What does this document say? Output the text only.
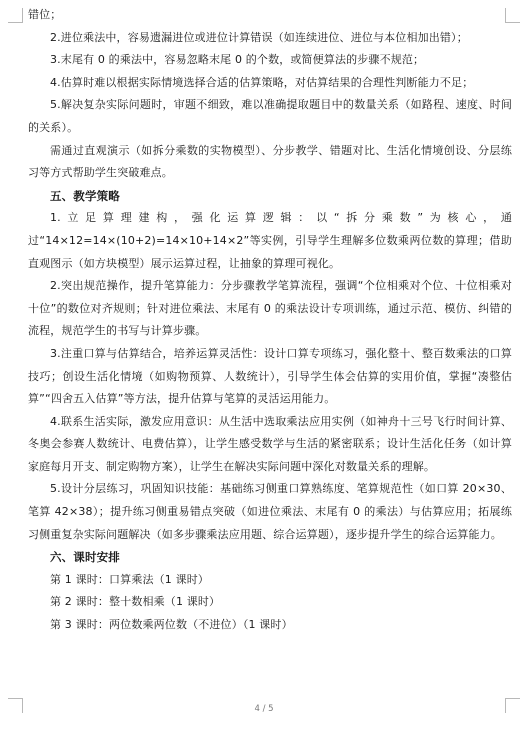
错位；

2.进位乘法中，容易遗漏进位或进位计算错误（如连续进位、进位与本位相加出错）；

3.末尾有 0 的乘法中，容易忽略末尾 0 的个数，或简便算法的步骤不规范；

4.估算时难以根据实际情境选择合适的估算策略，对估算结果的合理性判断能力不足；

5.解决复杂实际问题时，审题不细致，难以准确提取题目中的数量关系（如路程、速度、时间的关系）。

需通过直观演示（如拆分乘数的实物模型）、分步教学、错题对比、生活化情境创设、分层练习等方式帮助学生突破难点。

五、教学策略

1.立足算理建构，强化运算逻辑：以“拆分乘数”为核心，通过“14×12=14×(10+2)=14×10+14×2”等实例，引导学生理解多位数乘两位数的算理；借助直观图示（如方块模型）展示运算过程，让抽象的算理可视化。

2.突出规范操作，提升笔算能力：分步骤教学笔算流程，强调“个位相乘对个位、十位相乘对十位”的数位对齐规则；针对进位乘法、末尾有 0 的乘法设计专项训练，通过示范、模仿、纠错的流程，规范学生的书写与计算步骤。

3.注重口算与估算结合，培养运算灵活性：设计口算专项练习，强化整十、整百数乘法的口算技巧；创设生活化情境（如购物预算、人数统计），引导学生体会估算的实用价值，掌握“凑整估算”“四舍五入估算”等方法，提升估算与笔算的灵活运用能力。

4.联系生活实际，激发应用意识：从生活中选取乘法应用实例（如神舟十三号飞行时间计算、冬奥会参赛人数统计、电费估算），让学生感受数学与生活的紧密联系；设计生活化任务（如计算家庭每月开支、制定购物方案），让学生在解决实际问题中深化对数量关系的理解。

5.设计分层练习，巩固知识技能：基础练习侧重口算熟练度、笔算规范性（如口算 20×30、笔算 42×38）；提升练习侧重易错点突破（如进位乘法、末尾有 0 的乘法）与估算应用；拓展练习侧重复杂实际问题解决（如多步骤乘法应用题、综合运算题），逐步提升学生的综合运算能力。

六、课时安排

第 1 课时：口算乘法（1 课时）

第 2 课时：整十数相乘（1 课时）

第 3 课时：两位数乘两位数（不进位）（1 课时）

4 / 5
